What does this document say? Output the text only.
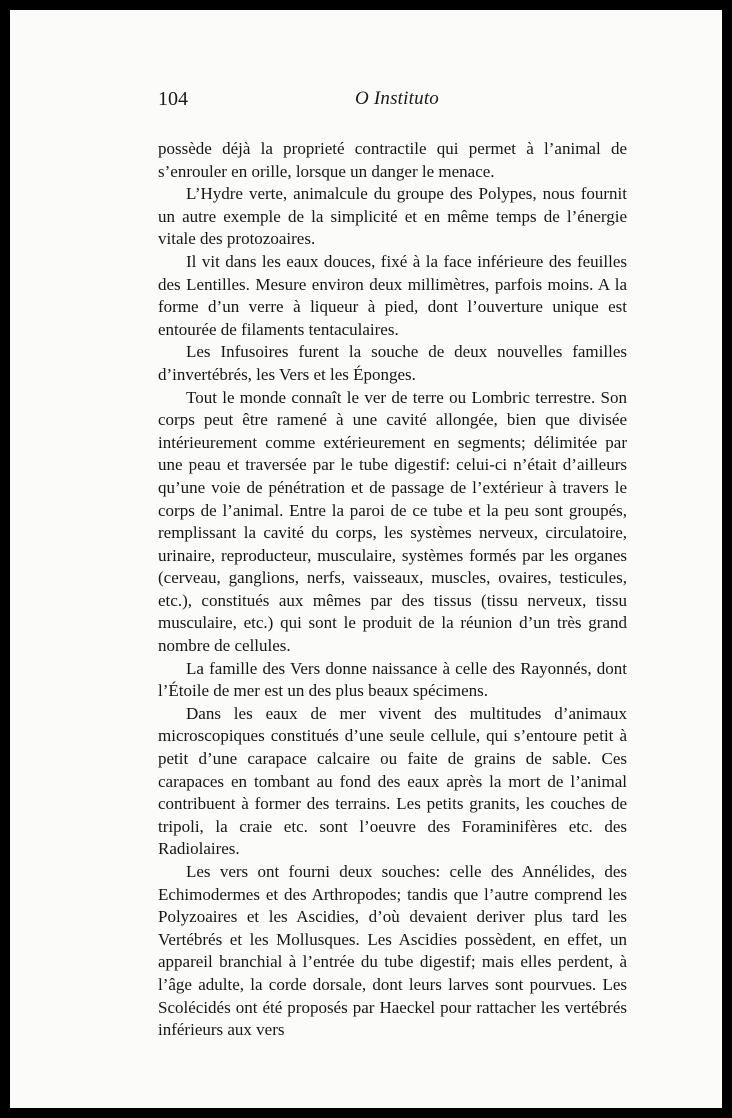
104	O Instituto

possède déjà la proprieté contractile qui permet à l’animal de s’enrouler en orille, lorsque un danger le menace.

L’Hydre verte, animalcule du groupe des Polypes, nous fournit un autre exemple de la simplicité et en même temps de l’énergie vitale des protozoaires.

Il vit dans les eaux douces, fixé à la face inférieure des feuilles des Lentilles. Mesure environ deux millimètres, parfois moins. A la forme d’un verre à liqueur à pied, dont l’ouverture unique est entourée de filaments tentaculaires.

Les Infusoires furent la souche de deux nouvelles familles d’invertébrés, les Vers et les Éponges.

Tout le monde connaît le ver de terre ou Lombric terrestre. Son corps peut être ramené à une cavité allongée, bien que divisée intérieurement comme extérieurement en segments; délimitée par une peau et traversée par le tube digestif: celui-ci n’était d’ailleurs qu’une voie de pénétration et de passage de l’extérieur à travers le corps de l’animal. Entre la paroi de ce tube et la peu sont groupés, remplissant la cavité du corps, les systèmes nerveux, circulatoire, urinaire, reproducteur, musculaire, systèmes formés par les organes (cerveau, ganglions, nerfs, vaisseaux, muscles, ovaires, testicules, etc.), constitués aux mêmes par des tissus (tissu nerveux, tissu musculaire, etc.) qui sont le produit de la réunion d’un très grand nombre de cellules.

La famille des Vers donne naissance à celle des Rayonnés, dont l’Étoile de mer est un des plus beaux spécimens.

Dans les eaux de mer vivent des multitudes d’animaux microscopiques constitués d’une seule cellule, qui s’entoure petit à petit d’une carapace calcaire ou faite de grains de sable. Ces carapaces en tombant au fond des eaux après la mort de l’animal contribuent à former des terrains. Les petits granits, les couches de tripoli, la craie etc. sont l’oeuvre des Foraminifères etc. des Radiolaires.

Les vers ont fourni deux souches: celle des Annélides, des Echimodermes et des Arthropodes; tandis que l’autre comprend les Polyzoaires et les Ascidies, d’où devaient deriver plus tard les Vertébrés et les Mollusques. Les Ascidies possèdent, en effet, un appareil branchial à l’entrée du tube digestif; mais elles perdent, à l’âge adulte, la corde dorsale, dont leurs larves sont pourvues. Les Scolécidés ont été proposés par Haeckel pour rattacher les vertébrés inférieurs aux vers
